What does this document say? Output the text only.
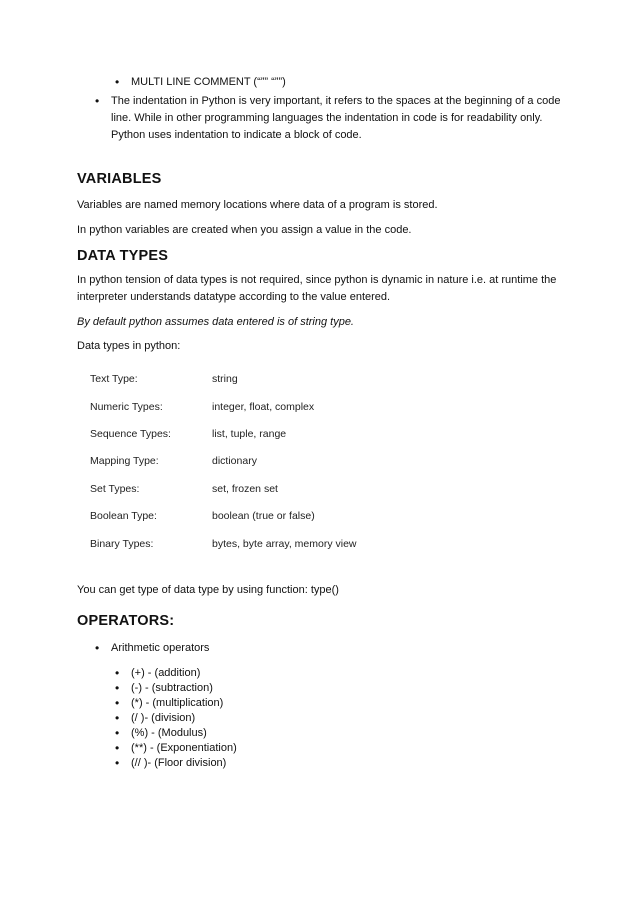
•	MULTI LINE COMMENT (“”” “””)
•	The indentation in Python is very important, it refers to the spaces at the beginning of a code line. While in other programming languages the indentation in code is for readability only. Python uses indentation to indicate a block of code.
VARIABLES

Variables are named memory locations where data of a program is stored.

In python variables are created when you assign a value in the code.

DATA TYPES

In python tension of data types is not required, since python is dynamic in nature i.e. at runtime the interpreter understands datatype according to the value entered.

By default python assumes data entered is of string type.

Data types in python:

Text Type:	string
Numeric Types:	integer, float, complex
Sequence Types:	list, tuple, range
Mapping Type:	dictionary
Set Types:	set, frozen set
Boolean Type:	boolean (true or false)
Binary Types:	bytes, byte array, memory view

You can get type of data type by using function: type()

OPERATORS:
•	Arithmetic operators
•	(+) - (addition)
•	(-) - (subtraction)
•	(*) - (multiplication)
•	(/ )- (division)
•	(%) - (Modulus)
•	(**) - (Exponentiation)
•	(// )- (Floor division)
